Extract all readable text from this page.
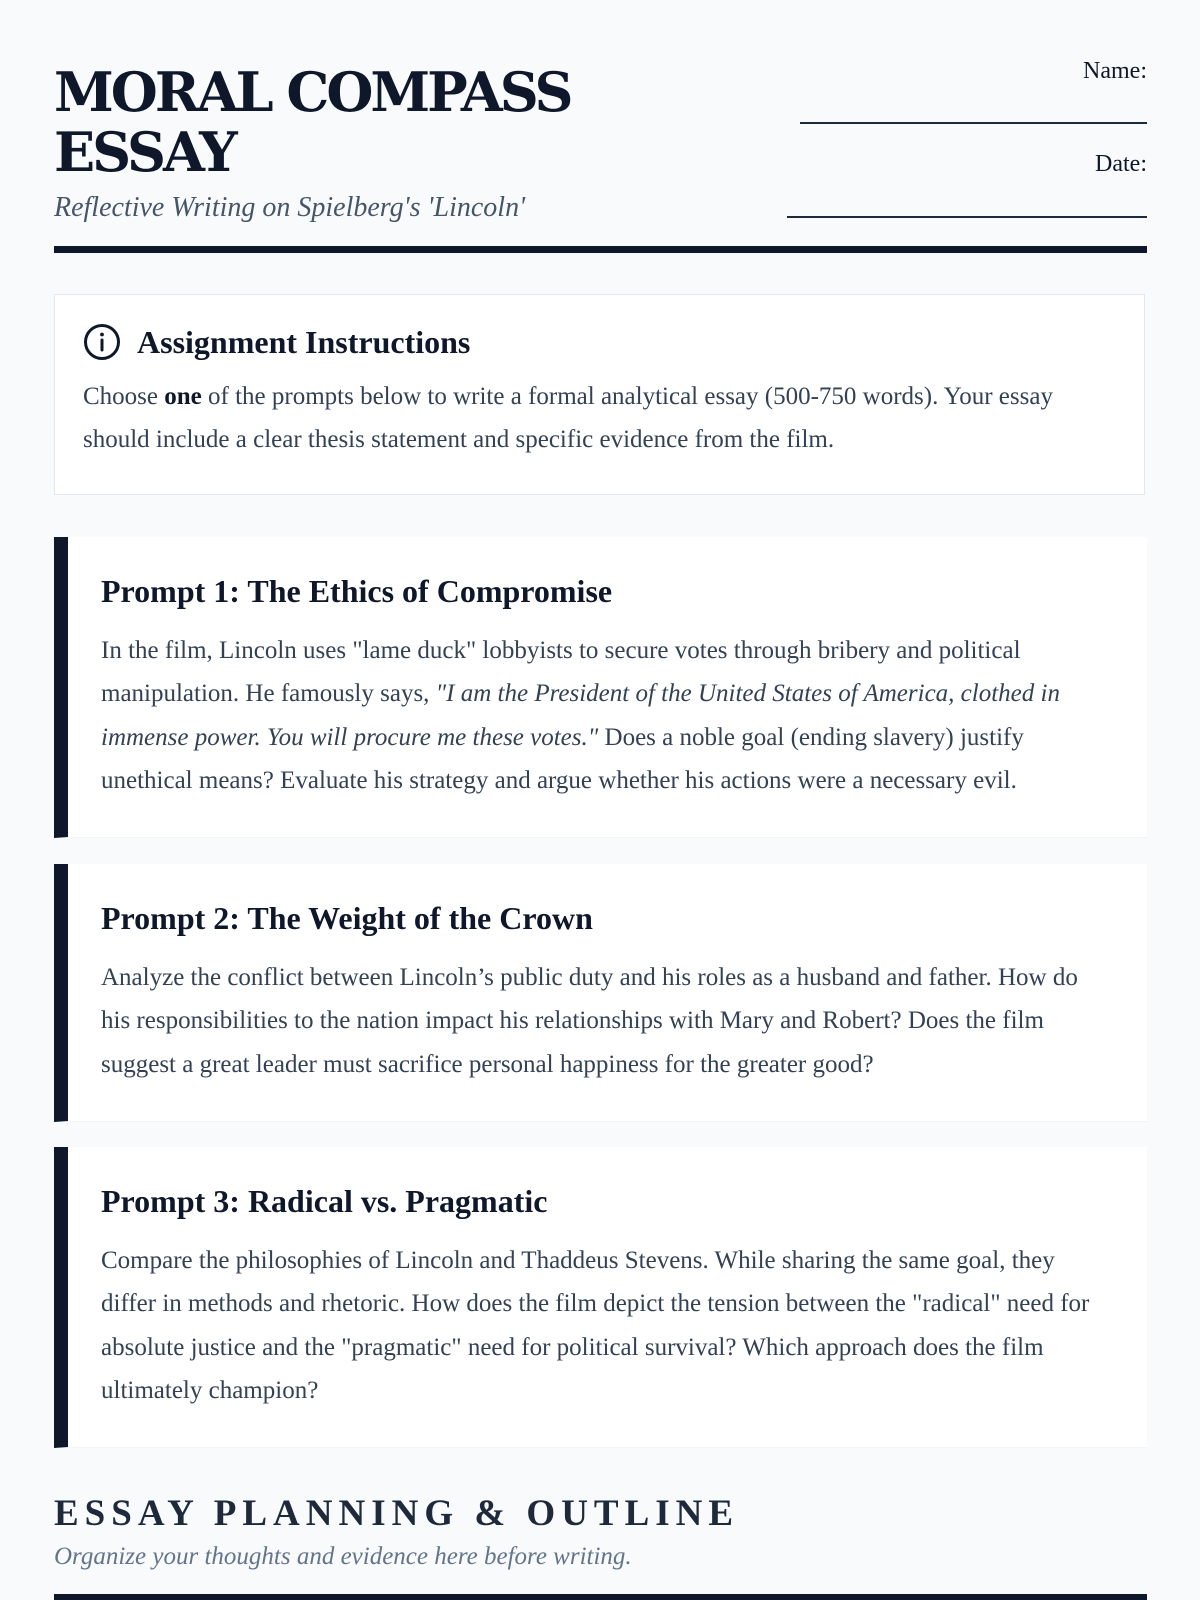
MORAL COMPASS ESSAY
Reflective Writing on Spielberg's 'Lincoln'
Name:
Date:
Assignment Instructions
Choose one of the prompts below to write a formal analytical essay (500-750 words). Your essay should include a clear thesis statement and specific evidence from the film.
Prompt 1: The Ethics of Compromise
In the film, Lincoln uses "lame duck" lobbyists to secure votes through bribery and political manipulation. He famously says, "I am the President of the United States of America, clothed in immense power. You will procure me these votes." Does a noble goal (ending slavery) justify unethical means? Evaluate his strategy and argue whether his actions were a necessary evil.
Prompt 2: The Weight of the Crown
Analyze the conflict between Lincoln’s public duty and his roles as a husband and father. How do his responsibilities to the nation impact his relationships with Mary and Robert? Does the film suggest a great leader must sacrifice personal happiness for the greater good?
Prompt 3: Radical vs. Pragmatic
Compare the philosophies of Lincoln and Thaddeus Stevens. While sharing the same goal, they differ in methods and rhetoric. How does the film depict the tension between the "radical" need for absolute justice and the "pragmatic" need for political survival? Which approach does the film ultimately champion?
ESSAY PLANNING & OUTLINE
Organize your thoughts and evidence here before writing.
